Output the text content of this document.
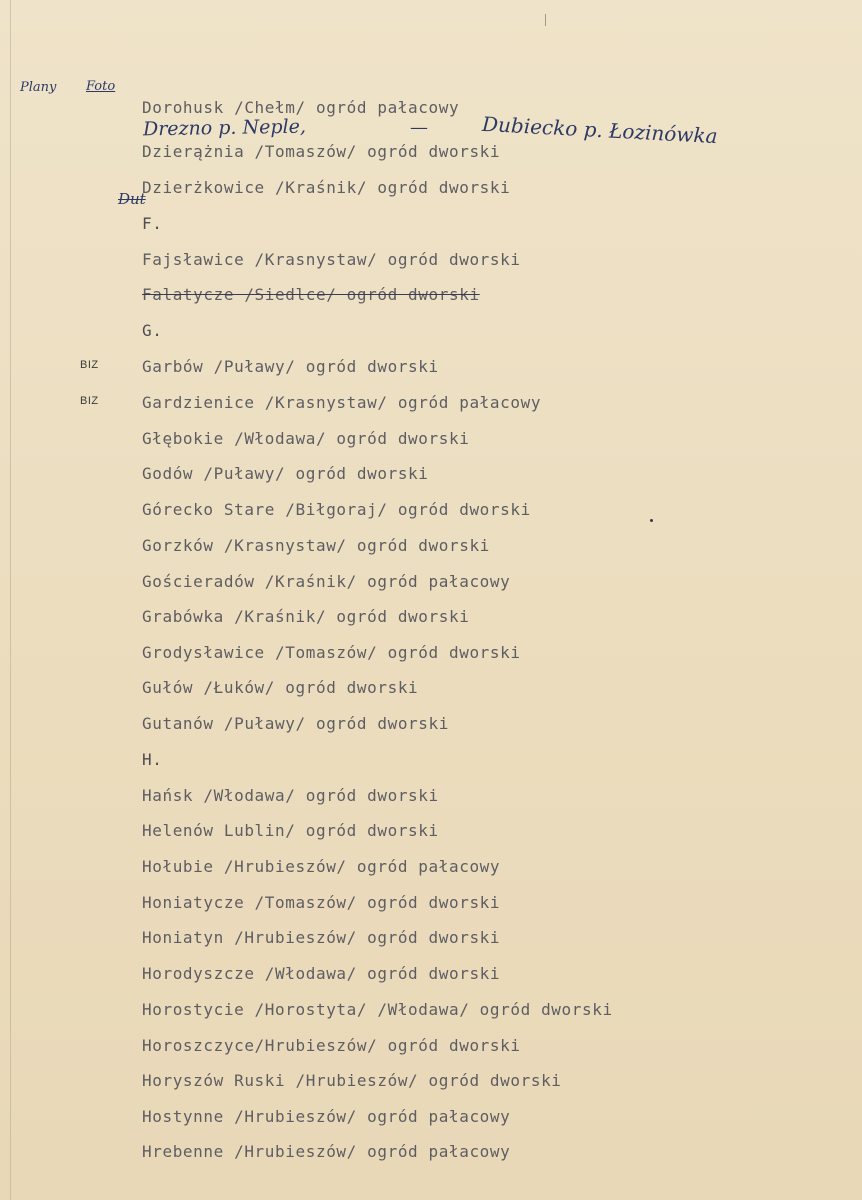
Plany Foto
Drezno p. Neple,	—	Dubiecko p. Łozinówka
Dut
BIZ
BIZ
Dorohusk /Chełm/ ogród pałacowy
Dzierążnia /Tomaszów/ ogród dworski
Dzierżkowice /Kraśnik/ ogród dworski
F.
Fajsławice /Krasnystaw/ ogród dworski
Falatycze /Siedlce/ ogród dworski
G.
Garbów /Puławy/ ogród dworski
Gardzienice /Krasnystaw/ ogród pałacowy
Głębokie /Włodawa/ ogród dworski
Godów /Puławy/ ogród dworski
Górecko Stare /Biłgoraj/ ogród dworski
Gorzków /Krasnystaw/ ogród dworski
Gościeradów /Kraśnik/ ogród pałacowy
Grabówka /Kraśnik/ ogród dworski
Grodysławice /Tomaszów/ ogród dworski
Gułów /Łuków/ ogród dworski
Gutanów /Puławy/ ogród dworski
H.
Hańsk /Włodawa/ ogród dworski
Helenów Lublin/ ogród dworski
Hołubie /Hrubieszów/ ogród pałacowy
Honiatycze /Tomaszów/ ogród dworski
Honiatyn /Hrubieszów/ ogród dworski
Horodyszcze /Włodawa/ ogród dworski
Horostycie /Horostyta/ /Włodawa/ ogród dworski
Horoszczyce/Hrubieszów/ ogród dworski
Horyszów Ruski /Hrubieszów/ ogród dworski
Hostynne /Hrubieszów/ ogród pałacowy
Hrebenne /Hrubieszów/ ogród pałacowy
